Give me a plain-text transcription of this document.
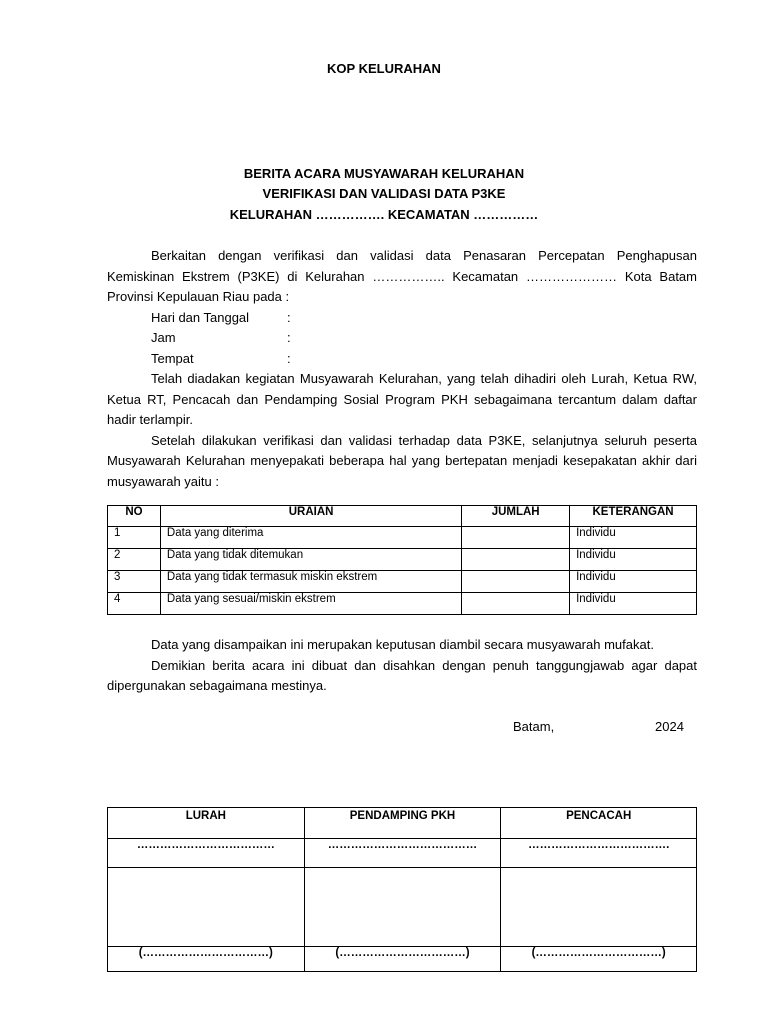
KOP KELURAHAN
BERITA ACARA MUSYAWARAH KELURAHAN
VERIFIKASI DAN VALIDASI DATA P3KE
KELURAHAN ……………. KECAMATAN ……………

Berkaitan dengan verifikasi dan validasi data Penasaran Percepatan Penghapusan Kemiskinan Ekstrem (P3KE) di Kelurahan …………….. Kecamatan ………………… Kota Batam Provinsi Kepulauan Riau pada :

Hari dan Tanggal	:
Jam	:
Tempat	:

Telah diadakan kegiatan Musyawarah Kelurahan, yang telah dihadiri oleh Lurah, Ketua RW, Ketua RT, Pencacah dan Pendamping Sosial Program PKH sebagaimana tercantum dalam daftar hadir terlampir.

Setelah dilakukan verifikasi dan validasi terhadap data P3KE, selanjutnya seluruh peserta Musyawarah Kelurahan menyepakati beberapa hal yang bertepatan menjadi kesepakatan akhir dari musyawarah yaitu :

NO	URAIAN	JUMLAH	KETERANGAN
1	Data yang diterima		Individu
2	Data yang tidak ditemukan		Individu
3	Data yang tidak termasuk miskin ekstrem		Individu
4	Data yang sesuai/miskin ekstrem		Individu

Data yang disampaikan ini merupakan keputusan diambil secara musyawarah mufakat.

Demikian berita acara ini dibuat dan disahkan dengan penuh tanggungjawab agar dapat dipergunakan sebagaimana mestinya.

Batam,	2024
LURAH	PENDAMPING PKH	PENCACAH
………………………………	…………………………………	……………………………….

(……………………………)	(……………………………)	(……………………………)
